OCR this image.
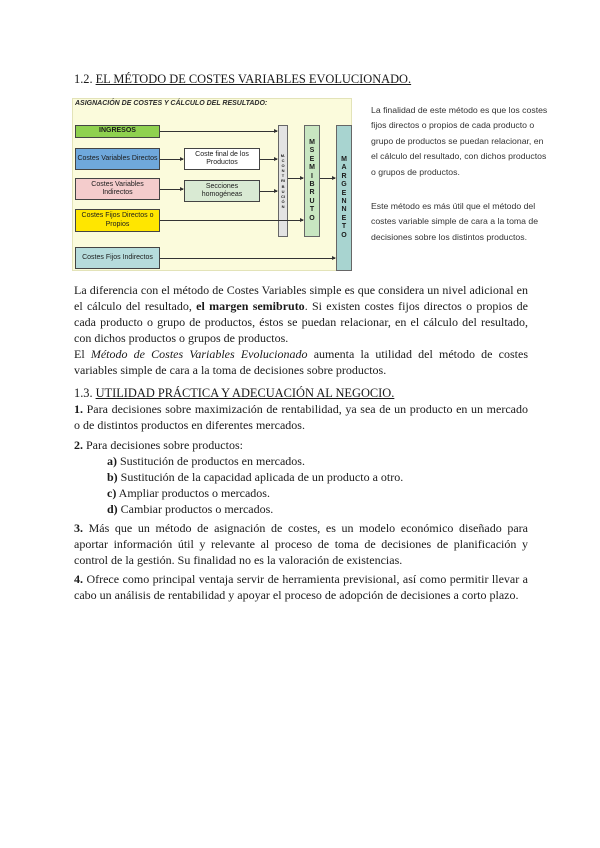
1.2. EL MÉTODO DE COSTES VARIABLES EVOLUCIONADO.
ASIGNACIÓN DE COSTES Y CÁLCULO DEL RESULTADO:
INGRESOS
Costes Variables Directos
Costes Variables Indirectos
Costes Fijos Directos o Propios
Costes Fijos Indirectos
Coste final de los Productos
Secciones homogéneas
M.CONTRIBUCIÓN
M SEMIBRUTO
MARGEN NETO
La finalidad de este método es que los costes fijos directos o propios de cada producto o grupo de productos se puedan relacionar, en el cálculo del resultado, con dichos productos o grupos de productos.
Este método es más útil que el método del costes variable simple de cara a la toma de decisiones sobre los distintos productos.
La diferencia con el método de Costes Variables simple es que considera un nivel adicional en el cálculo del resultado, el margen semibruto. Si existen costes fijos directos o propios de cada producto o grupo de productos, éstos se puedan relacionar, en el cálculo del resultado, con dichos productos o grupos de productos.
El Método de Costes Variables Evolucionado aumenta la utilidad del método de costes variables simple de cara a la toma de decisiones sobre productos.
1.3. UTILIDAD PRÁCTICA Y ADECUACIÓN AL NEGOCIO.
1. Para decisiones sobre maximización de rentabilidad, ya sea de un producto en un mercado o de distintos productos en diferentes mercados.
2. Para decisiones sobre productos:
a) Sustitución de productos en mercados.
b) Sustitución de la capacidad aplicada de un producto a otro.
c) Ampliar productos o mercados.
d) Cambiar productos o mercados.
3. Más que un método de asignación de costes, es un modelo económico diseñado para aportar información útil y relevante al proceso de toma de decisiones de planificación y control de la gestión. Su finalidad no es la valoración de existencias.
4. Ofrece como principal ventaja servir de herramienta previsional, así como permitir llevar a cabo un análisis de rentabilidad y apoyar el proceso de adopción de decisiones a corto plazo.
